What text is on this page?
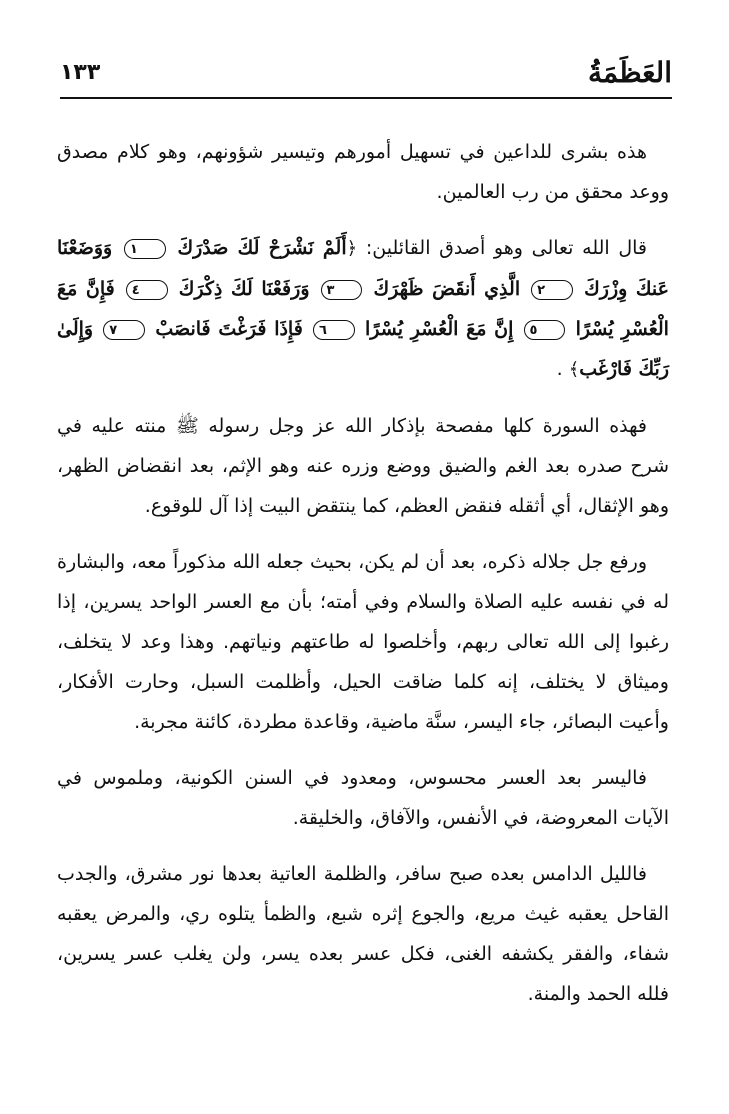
العَظَمَةُ
١٣٣

هذه بشرى للداعين في تسهيل أمورهم وتيسير شؤونهم، وهو كلام مصدق ووعد محقق من رب العالمين.

قال الله تعالى وهو أصدق القائلين: ﴿أَلَمْ نَشْرَحْ لَكَ صَدْرَكَ ١ وَوَضَعْنَا عَنكَ وِزْرَكَ ٢ الَّذِي أَنقَضَ ظَهْرَكَ ٣ وَرَفَعْنَا لَكَ ذِكْرَكَ ٤ فَإِنَّ مَعَ الْعُسْرِ يُسْرًا ٥ إِنَّ مَعَ الْعُسْرِ يُسْرًا ٦ فَإِذَا فَرَغْتَ فَانصَبْ ٧ وَإِلَىٰ رَبِّكَ فَارْغَب﴾ .

فهذه السورة كلها مفصحة بإذكار الله عز وجل رسوله ﷺ منته عليه في شرح صدره بعد الغم والضيق ووضع وزره عنه وهو الإثم، بعد انقضاض الظهر، وهو الإثقال، أي أثقله فنقض العظم، كما ينتقض البيت إذا آل للوقوع.

ورفع جل جلاله ذكره، بعد أن لم يكن، بحيث جعله الله مذكوراً معه، والبشارة له في نفسه عليه الصلاة والسلام وفي أمته؛ بأن مع العسر الواحد يسرين، إذا رغبوا إلى الله تعالى ربهم، وأخلصوا له طاعتهم ونياتهم. وهذا وعد لا يتخلف، وميثاق لا يختلف، إنه كلما ضاقت الحيل، وأظلمت السبل، وحارت الأفكار، وأعيت البصائر، جاء اليسر، سنَّة ماضية، وقاعدة مطردة، كائنة مجربة.

فاليسر بعد العسر محسوس، ومعدود في السنن الكونية، وملموس في الآيات المعروضة، في الأنفس، والآفاق، والخليقة.

فالليل الدامس بعده صبح سافر، والظلمة العاتية بعدها نور مشرق، والجدب القاحل يعقبه غيث مريع، والجوع إثره شبع، والظمأ يتلوه ري، والمرض يعقبه شفاء، والفقر يكشفه الغنى، فكل عسر بعده يسر، ولن يغلب عسر يسرين، فلله الحمد والمنة.
